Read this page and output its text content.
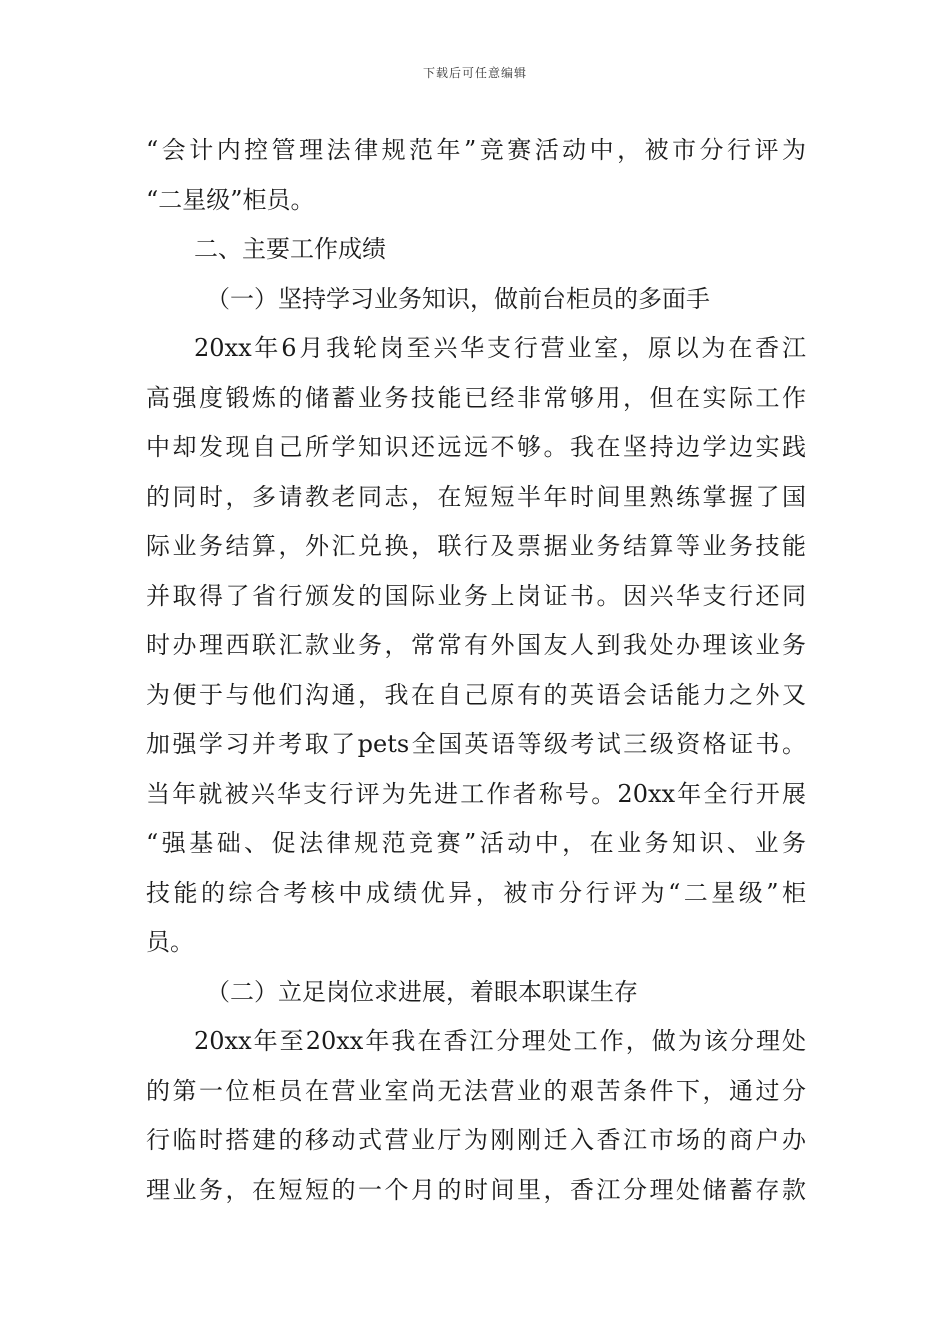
下载后可任意编辑
“会计内控管理法律规范年”竞赛活动中，被市分行评为
“二星级”柜员。
二、主要工作成绩
（一）坚持学习业务知识，做前台柜员的多面手
20xx年6月我轮岗至兴华支行营业室，原以为在香江
高强度锻炼的储蓄业务技能已经非常够用，但在实际工作
中却发现自己所学知识还远远不够。我在坚持边学边实践
的同时，多请教老同志，在短短半年时间里熟练掌握了国
际业务结算，外汇兑换，联行及票据业务结算等业务技能
并取得了省行颁发的国际业务上岗证书。因兴华支行还同
时办理西联汇款业务，常常有外国友人到我处办理该业务
为便于与他们沟通，我在自己原有的英语会话能力之外又
加强学习并考取了pets全国英语等级考试三级资格证书。
当年就被兴华支行评为先进工作者称号。20xx年全行开展
“强基础、促法律规范竞赛”活动中，在业务知识、业务
技能的综合考核中成绩优异，被市分行评为“二星级”柜
员。
（二）立足岗位求进展，着眼本职谋生存
20xx年至20xx年我在香江分理处工作，做为该分理处
的第一位柜员在营业室尚无法营业的艰苦条件下，通过分
行临时搭建的移动式营业厅为刚刚迁入香江市场的商户办
理业务，在短短的一个月的时间里，香江分理处储蓄存款
